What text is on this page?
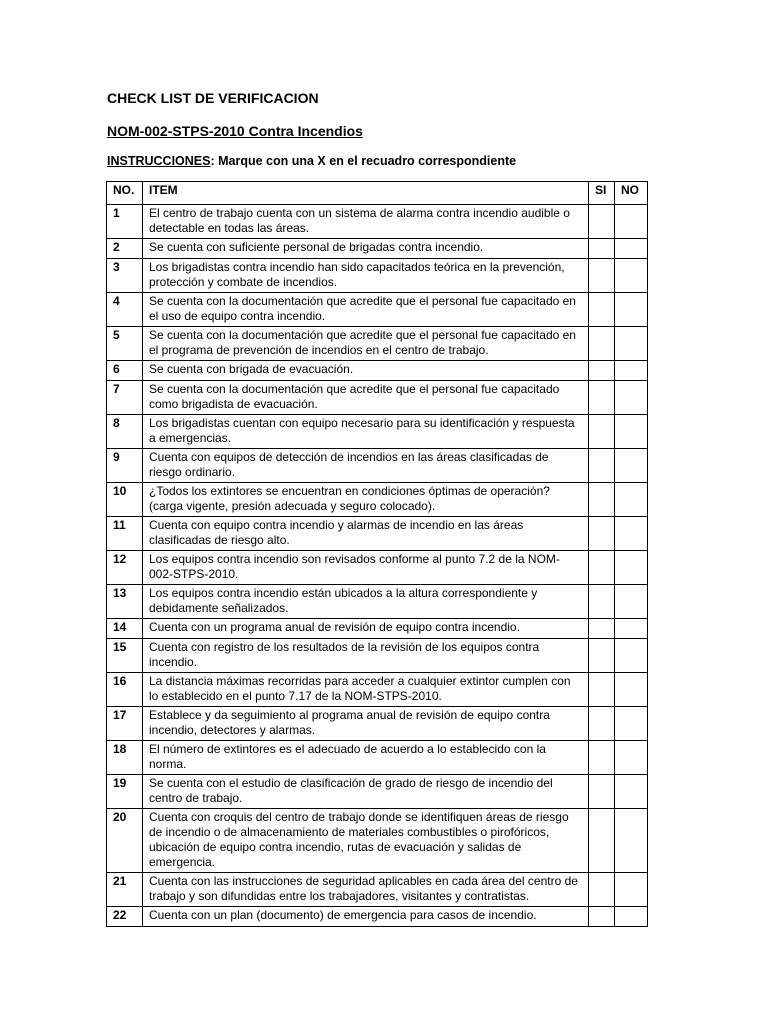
CHECK LIST DE VERIFICACION
NOM-002-STPS-2010 Contra Incendios

INSTRUCCIONES: Marque con una X en el recuadro correspondiente

NO.	ITEM	SI	NO
1	El centro de trabajo cuenta con un sistema de alarma contra incendio audible o detectable en todas las áreas.		
2	Se cuenta con suficiente personal de brigadas contra incendio.		
3	Los brigadistas contra incendio han sido capacitados teórica en la prevención, protección y combate de incendios.		
4	Se cuenta con la documentación que acredite que el personal fue capacitado en el uso de equipo contra incendio.		
5	Se cuenta con la documentación que acredite que el personal fue capacitado en el programa de prevención de incendios en el centro de trabajo.		
6	Se cuenta con brigada de evacuación.		
7	Se cuenta con la documentación que acredite que el personal fue capacitado como brigadista de evacuación.		
8	Los brigadistas cuentan con equipo necesario para su identificación y respuesta a emergencias.		
9	Cuenta con equipos de detección de incendios en las áreas clasificadas de riesgo ordinario.		
10	¿Todos los extintores se encuentran en condiciones óptimas de operación? (carga vigente, presión adecuada y seguro colocado).		
11	Cuenta con equipo contra incendio y alarmas de incendio en las áreas clasificadas de riesgo alto.		
12	Los equipos contra incendio son revisados conforme al punto 7.2 de la NOM-002-STPS-2010.		
13	Los equipos contra incendio están ubicados a la altura correspondiente y debidamente señalizados.		
14	Cuenta con un programa anual de revisión de equipo contra incendio.		
15	Cuenta con registro de los resultados de la revisión de los equipos contra incendio.		
16	La distancia máximas recorridas para acceder a cualquier extintor cumplen con lo establecido en el punto 7.17 de la NOM-STPS-2010.		
17	Establece y da seguimiento al programa anual de revisión de equipo contra incendio, detectores y alarmas.		
18	El número de extintores es el adecuado de acuerdo a lo establecido con la norma.		
19	Se cuenta con el estudio de clasificación de grado de riesgo de incendio del centro de trabajo.		
20	Cuenta con croquis del centro de trabajo donde se identifiquen áreas de riesgo de incendio o de almacenamiento de materiales combustibles o pirofóricos, ubicación de equipo contra incendio, rutas de evacuación y salidas de emergencia.		
21	Cuenta con las instrucciones de seguridad aplicables en cada área del centro de trabajo y son difundidas entre los trabajadores, visitantes y contratistas.		
22	Cuenta con un plan (documento) de emergencia para casos de incendio.		
